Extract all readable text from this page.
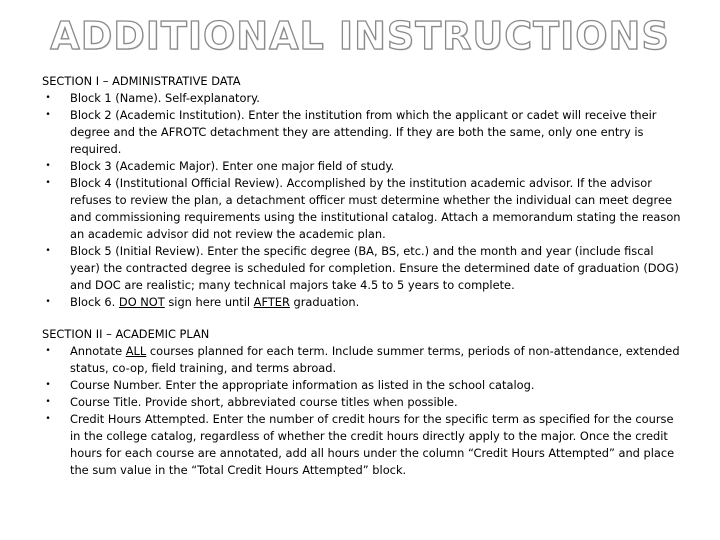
ADDITIONAL INSTRUCTIONS
SECTION I – ADMINISTRATIVE DATA
• Block 1 (Name). Self-explanatory.
• Block 2 (Academic Institution). Enter the institution from which the applicant or cadet will receive their degree and the AFROTC detachment they are attending. If they are both the same, only one entry is required.
• Block 3 (Academic Major). Enter one major field of study.
• Block 4 (Institutional Official Review). Accomplished by the institution academic advisor. If the advisor refuses to review the plan, a detachment officer must determine whether the individual can meet degree and commissioning requirements using the institutional catalog. Attach a memorandum stating the reason an academic advisor did not review the academic plan.
• Block 5 (Initial Review). Enter the specific degree (BA, BS, etc.) and the month and year (include fiscal year) the contracted degree is scheduled for completion. Ensure the determined date of graduation (DOG) and DOC are realistic; many technical majors take 4.5 to 5 years to complete.
• Block 6. DO NOT sign here until AFTER graduation.
SECTION II – ACADEMIC PLAN
• Annotate ALL courses planned for each term. Include summer terms, periods of non-attendance, extended status, co-op, field training, and terms abroad.
• Course Number. Enter the appropriate information as listed in the school catalog.
• Course Title. Provide short, abbreviated course titles when possible.
• Credit Hours Attempted. Enter the number of credit hours for the specific term as specified for the course in the college catalog, regardless of whether the credit hours directly apply to the major. Once the credit hours for each course are annotated, add all hours under the column “Credit Hours Attempted” and place the sum value in the “Total Credit Hours Attempted” block.
